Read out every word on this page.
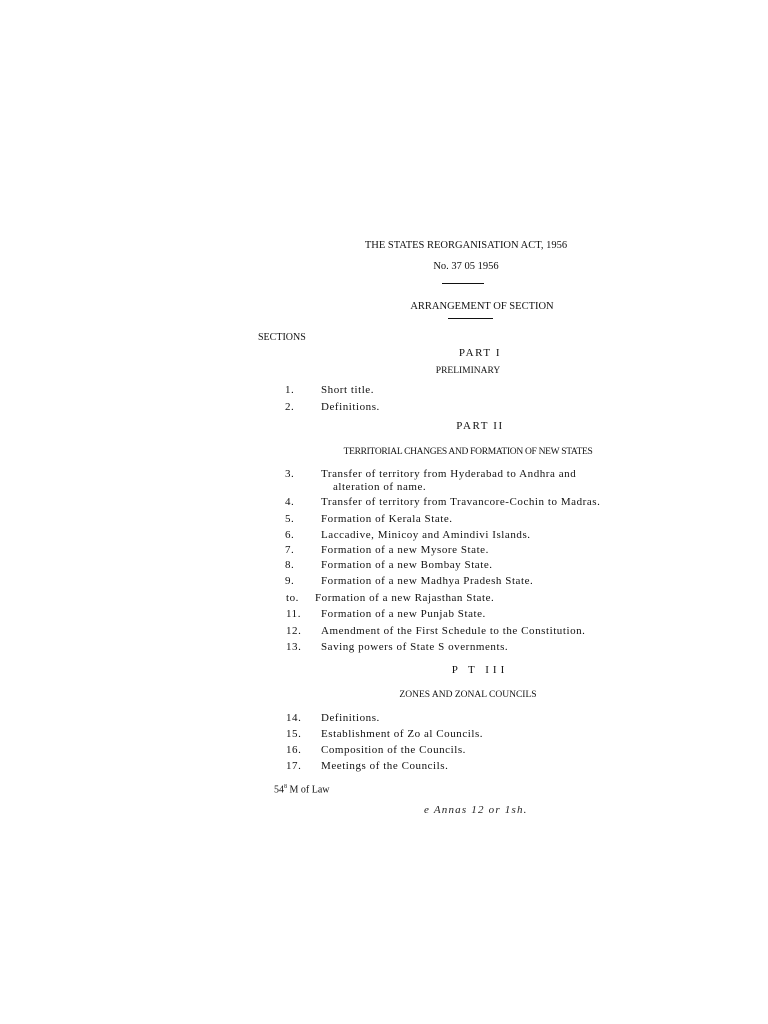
THE STATES REORGANISATION ACT, 1956
No. 37 05 1956
ARRANGEMENT OF SECTION
SECTIONS
PART I
PRELIMINARY
1. Short title.
2. Definitions.
PART II
TERRITORIAL CHANGES AND FORMATION OF NEW STATES
3. Transfer of territory from Hyderabad to Andhra and
alteration of name.
4. Transfer of territory from Travancore-Cochin to Madras.
5. Formation of Kerala State.
6. Laccadive, Minicoy and Amindivi Islands.
7. Formation of a new Mysore State.
8. Formation of a new Bombay State.
9. Formation of a new Madhya Pradesh State.
to. Formation of a new Rajasthan State.
11. Formation of a new Punjab State.
12. Amendment of the First Schedule to the Constitution.
13. Saving powers of State S overnments.
P T III
ZONES AND ZONAL COUNCILS
14. Definitions.
15. Establishment of Zo al Councils.
16. Composition of the Councils.
17. Meetings of the Councils.
$54^8$ M of Law
e Annas 12 or 1sh.
